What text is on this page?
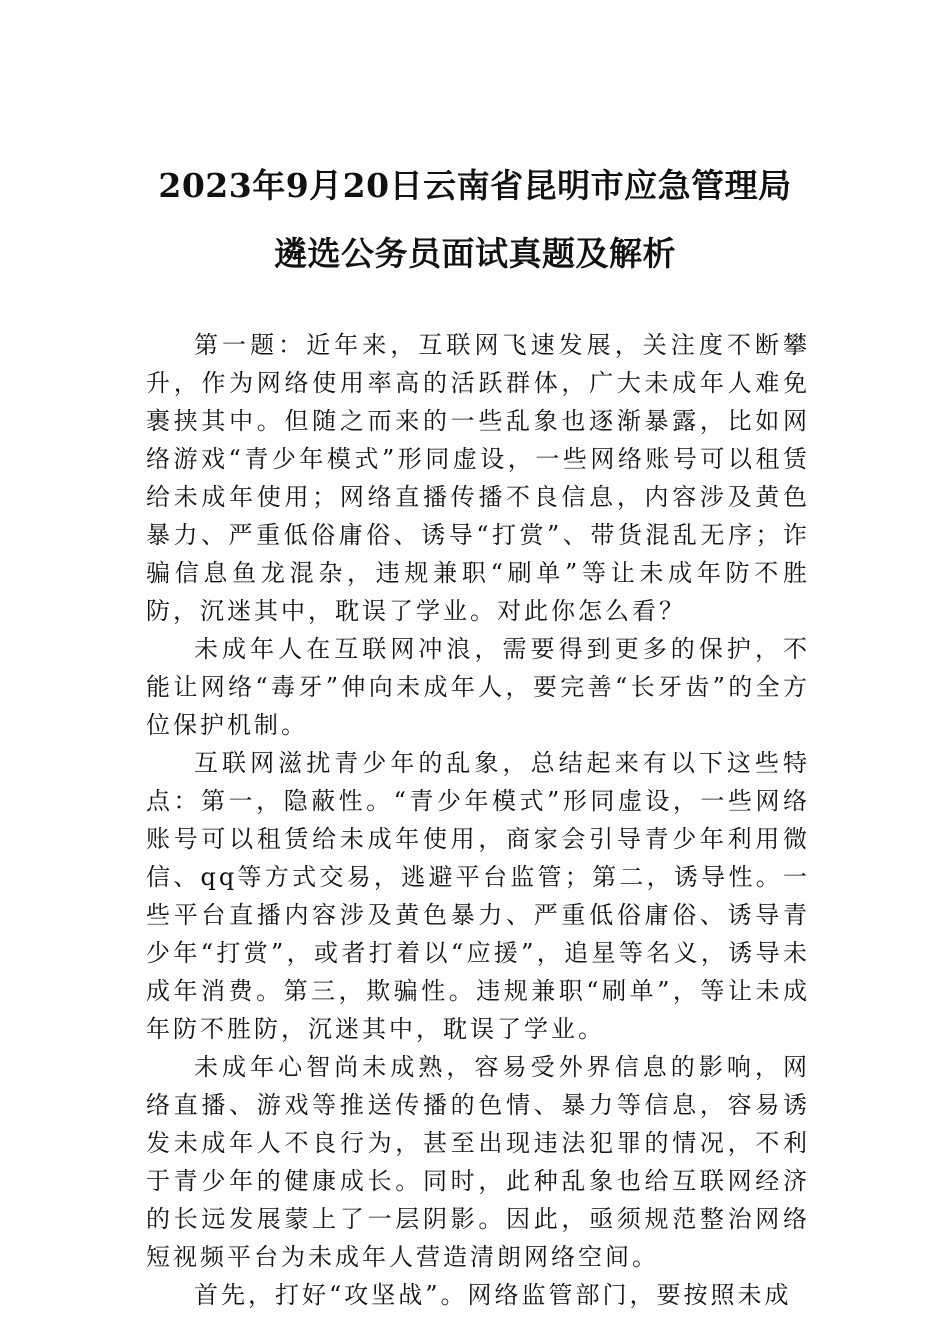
2023年9月20日云南省昆明市应急管理局
遴选公务员面试真题及解析

第一题：近年来，互联网飞速发展，关注度不断攀升，作为网络使用率高的活跃群体，广大未成年人难免裹挟其中。但随之而来的一些乱象也逐渐暴露，比如网络游戏“青少年模式”形同虚设，一些网络账号可以租赁给未成年使用；网络直播传播不良信息，内容涉及黄色暴力、严重低俗庸俗、诱导“打赏”、带货混乱无序；诈骗信息鱼龙混杂，违规兼职“刷单”等让未成年防不胜防，沉迷其中，耽误了学业。对此你怎么看？

未成年人在互联网冲浪，需要得到更多的保护，不能让网络“毒牙”伸向未成年人，要完善“长牙齿”的全方位保护机制。

互联网滋扰青少年的乱象，总结起来有以下这些特点：第一，隐蔽性。“青少年模式”形同虚设，一些网络账号可以租赁给未成年使用，商家会引导青少年利用微信、qq等方式交易，逃避平台监管；第二，诱导性。一些平台直播内容涉及黄色暴力、严重低俗庸俗、诱导青少年“打赏”，或者打着以“应援”，追星等名义，诱导未成年消费。第三，欺骗性。违规兼职“刷单”，等让未成年防不胜防，沉迷其中，耽误了学业。

未成年心智尚未成熟，容易受外界信息的影响，网络直播、游戏等推送传播的色情、暴力等信息，容易诱发未成年人不良行为，甚至出现违法犯罪的情况，不利于青少年的健康成长。同时，此种乱象也给互联网经济的长远发展蒙上了一层阴影。因此，亟须规范整治网络短视频平台为未成年人营造清朗网络空间。

首先，打好“攻坚战”。网络监管部门，要按照未成
